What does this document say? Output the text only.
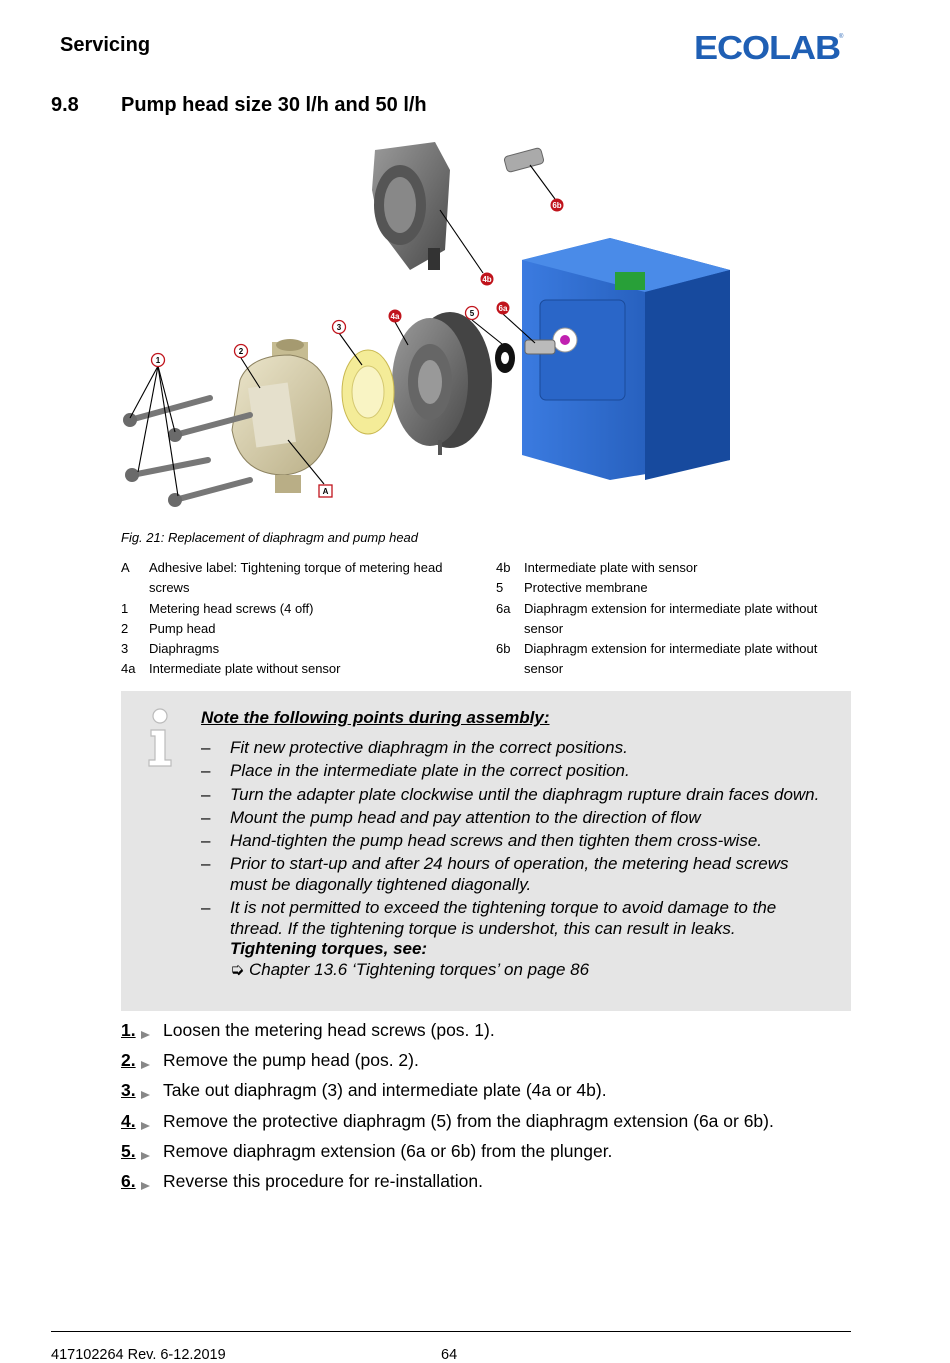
Servicing	ECOLAB
®
9.8 Pump head size 30 l/h and 50 l/h
1
2
3
4a	5
6a
4b
6b
A
Fig. 21: Replacement of diaphragm and pump head
A	Adhesive label: Tightening torque of metering head screws
1	Metering head screws (4 off)
2	Pump head
3	Diaphragms
4a	Intermediate plate without sensor
4b	Intermediate plate with sensor
5	Protective membrane
6a	Diaphragm extension for intermediate plate without sensor
6b	Diaphragm extension for intermediate plate without sensor
Note the following points during assembly:
–	Fit new protective diaphragm in the correct positions.
–	Place in the intermediate plate in the correct position.
–	Turn the adapter plate clockwise until the diaphragm rupture drain faces down.
–	Mount the pump head and pay attention to the direction of flow
–	Hand-tighten the pump head screws and then tighten them cross-wise.
–	Prior to start-up and after 24 hours of operation, the metering head screws must be diagonally tightened diagonally.
–	It is not permitted to exceed the tightening torque to avoid damage to the thread. If the tightening torque is undershot, this can result in leaks.
Tightening torques, see:
➭ Chapter 13.6 ‘Tightening torques’ on page 86
1.	Loosen the metering head screws (pos. 1).
2.	Remove the pump head (pos. 2).
3.	Take out diaphragm (3) and intermediate plate (4a or 4b).
4.	Remove the protective diaphragm (5) from the diaphragm extension (6a or 6b).
5.	Remove diaphragm extension (6a or 6b) from the plunger.
6.	Reverse this procedure for re-installation.
417102264 Rev. 6-12.2019	64
